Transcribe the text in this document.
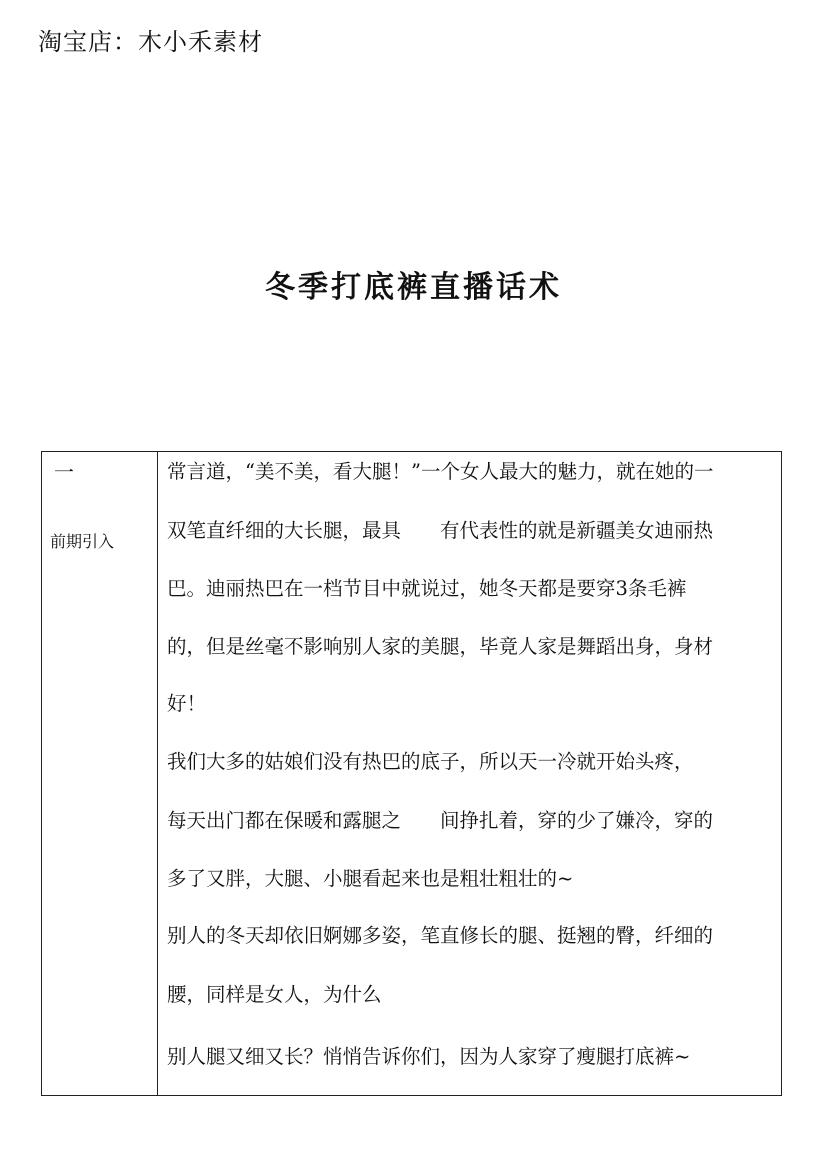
淘宝店：木小禾素材
冬季打底裤直播话术
一
前期引入
常言道，“美不美，看大腿！”一个女人最大的魅力，就在她的一
双笔直纤细的大长腿，最具　　有代表性的就是新疆美女迪丽热
巴。迪丽热巴在一档节目中就说过，她冬天都是要穿3条毛裤
的，但是丝毫不影响别人家的美腿，毕竟人家是舞蹈出身，身材
好！
我们大多的姑娘们没有热巴的底子，所以天一冷就开始头疼，
每天出门都在保暖和露腿之　　间挣扎着，穿的少了嫌冷，穿的
多了又胖，大腿、小腿看起来也是粗壮粗壮的~
别人的冬天却依旧婀娜多姿，笔直修长的腿、挺翘的臀，纤细的
腰，同样是女人，为什么
别人腿又细又长？悄悄告诉你们，因为人家穿了瘦腿打底裤~
